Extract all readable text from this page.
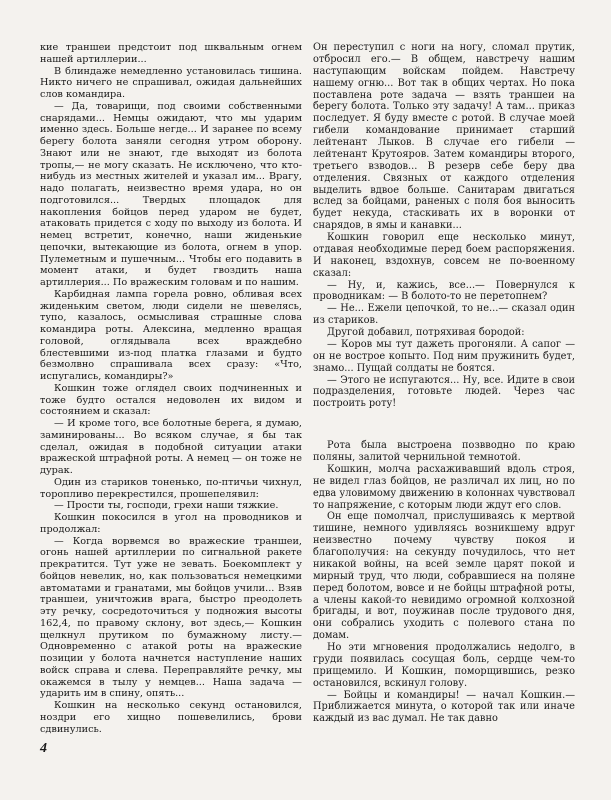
кие траншеи предстоит под шквальным огнем нашей артиллерии...

В блиндаже немедленно установилась тишина. Никто ничего не спрашивал, ожидая дальнейших слов командира.

— Да, товарищи, под своими собственными снарядами... Немцы ожидают, что мы ударим именно здесь. Больше негде... И заранее по всему берегу болота заняли сегодня утром оборону. Знают или не знают, где выходят из болота тропы,— не могу сказать. Не исключено, что кто-нибудь из местных жителей и указал им... Врагу, надо полагать, неизвестно время удара, но он подготовился... Твердых площадок для накопления бойцов перед ударом не будет, атаковать придется с ходу по выходу из болота. И немец встретит, конечно, наши жиденькие цепочки, вытекающие из болота, огнем в упор. Пулеметным и пушечным... Чтобы его подавить в момент атаки, и будет гвоздить наша артиллерия... По вражеским головам и по нашим.

Карбидная лампа горела ровно, обливая всех жиденьким светом, люди сидели не шевелясь, тупо, казалось, осмысливая страшные слова командира роты. Алексина, медленно вращая головой, оглядывала всех враждебно блестевшими из-под платка глазами и будто безмолвно спрашивала всех сразу: «Что, испугались, командиры?»

Кошкин тоже оглядел своих подчиненных и тоже будто остался недоволен их видом и состоянием и сказал:

— И кроме того, все болотные берега, я думаю, заминированы... Во всяком случае, я бы так сделал, ожидая в подобной ситуации атаки вражеской штрафной роты. А немец — он тоже не дурак.

Один из стариков тоненько, по-птичьи чихнул, торопливо перекрестился, прошепелявил:

— Прости ты, господи, грехи наши тяжкие.

Кошкин покосился в угол на проводников и продолжал:

— Когда ворвемся во вражеские траншеи, огонь нашей артиллерии по сигнальной ракете прекратится. Тут уже не зевать. Боекомплект у бойцов невелик, но, как пользоваться немецкими автоматами и гранатами, мы бойцов учили... Взяв траншеи, уничтожив врага, быстро преодолеть эту речку, сосредоточиться у подножия высоты 162,4, по правому склону, вот здесь,— Кошкин щелкнул прутиком по бумажному листу.— Одновременно с атакой роты на вражеские позиции у болота начнется наступление наших войск справа и слева. Переправляйте речку, мы окажемся в тылу у немцев... Наша задача — ударить им в спину, опять...

Кошкин на несколько секунд остановился, ноздри его хищно пошевелились, брови сдвинулись.

Он переступил с ноги на ногу, сломал прутик, отбросил его.— В общем, навстречу нашим наступающим войскам пойдем. Навстречу нашему огню... Вот так в общих чертах. Но пока поставлена роте задача — взять траншеи на берегу болота. Только эту задачу! А там... приказ последует. Я буду вместе с ротой. В случае моей гибели командование принимает старший лейтенант Лыков. В случае его гибели — лейтенант Крутояров. Затем командиры второго, третьего взводов... В резерв себе беру два отделения. Связных от каждого отделения выделить вдвое больше. Санитарам двигаться вслед за бойцами, раненых с поля боя выносить будет некуда, стаскивать их в воронки от снарядов, в ямы и канавки...

Кошкин говорил еще несколько минут, отдавая необходимые перед боем распоряжения. И наконец, вздохнув, совсем не по-военному сказал:

— Ну, и, кажись, все...— Повернулся к проводникам: — В болото-то не перетопнем?

— Не... Ежели цепочкой, то не...— сказал один из стариков.

Другой добавил, потряхивая бородой:

— Коров мы тут дажеть прогоняли. А сапог — он не вострое копыто. Под ним пружинить будет, знамо... Пущай солдаты не боятся.

— Этого не испугаются... Ну, все. Идите в свои подразделения, готовьте людей. Через час построить роту!

Рота была выстроена позвводно по краю поляны, залитой чернильной темнотой.

Кошкин, молча расхаживавший вдоль строя, не видел глаз бойцов, не различал их лиц, но по едва уловимому движению в колоннах чувствовал то напряжение, с которым люди ждут его слов.

Он еще помолчал, прислушиваясь к мертвой тишине, немного удивляясь возникшему вдруг неизвестно почему чувству покоя и благополучия: на секунду почудилось, что нет никакой войны, на всей земле царят покой и мирный труд, что люди, собравшиеся на поляне перед болотом, вовсе и не бойцы штрафной роты, а члены какой-то невидимо огромной колхозной бригады, и вот, поужинав после трудового дня, они собрались уходить с полевого стана по домам.

Но эти мгновения продолжались недолго, в груди появилась сосущая боль, сердце чем-то прищемило. И Кошкин, поморщившись, резко остановился, вскинул голову.

— Бойцы и командиры! — начал Кошкин.— Приближается минута, о которой так или иначе каждый из вас думал. Не так давно

4
